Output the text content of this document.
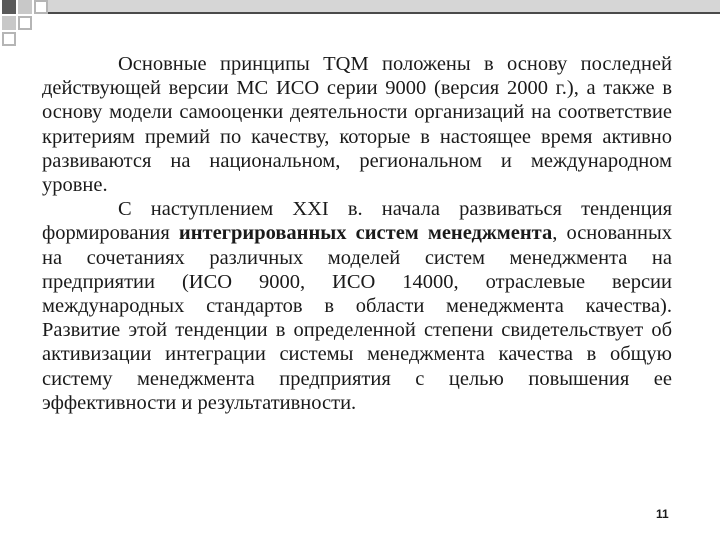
Основные принципы TQM положены в основу последней действующей версии МС ИСО серии 9000 (версия 2000 г.), а также в основу модели самооценки деятельности организаций на соответствие критериям премий по качеству, которые в настоящее время активно развиваются на национальном, региональном и международном уровне.

С наступлением XXI в. начала развиваться тенденция формирования интегрированных систем менеджмента, основанных на сочетаниях различных моделей систем менеджмента на предприятии (ИСО 9000, ИСО 14000, отраслевые версии международных стандартов в области менеджмента качества). Развитие этой тенденции в определенной степени свидетельствует об активизации интеграции системы менеджмента качества в общую систему менеджмента предприятия с целью повышения ее эффективности и результативности.

11
